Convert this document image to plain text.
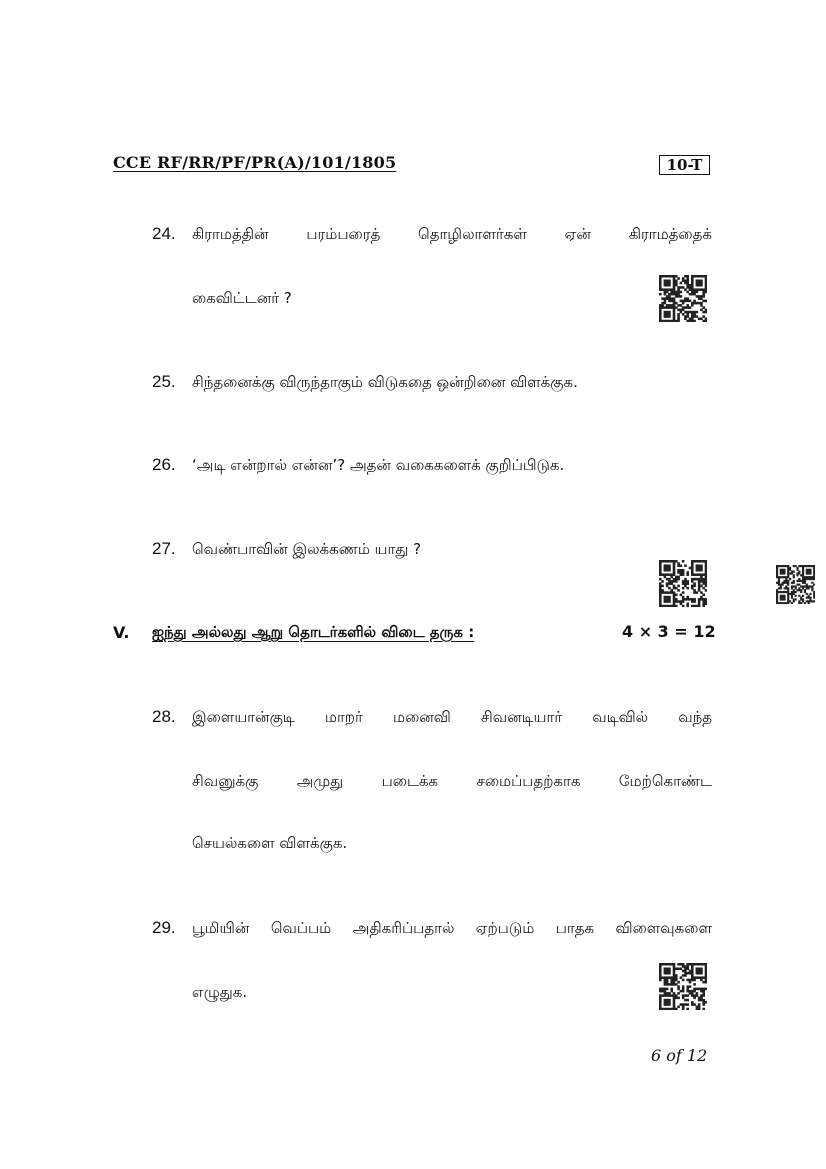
CCE RF/RR/PF/PR(A)/101/1805	10-T
24. கிராமத்தின்	பரம்பரைத்	தொழிலாளர்கள்	ஏன்	கிராமத்தைக்
கைவிட்டனர் ?
25. சிந்தனைக்கு விருந்தாகும் விடுகதை ஒன்றினை விளக்குக.
26. ‘அடி என்றால் என்ன’? அதன் வகைகளைக் குறிப்பிடுக.
27. வெண்பாவின் இலக்கணம் யாது ?
V. ஐந்து அல்லது ஆறு தொடர்களில் விடை தருக :	4 × 3 = 12
28. இளையான்குடி மாறர் மனைவி சிவனடியார் வடிவில் வந்த
சிவனுக்கு	அமுது	படைக்க	சமைப்பதற்காக	மேற்கொண்ட
செயல்களை விளக்குக.
29. பூமியின் வெப்பம் அதிகரிப்பதால் ஏற்படும் பாதக விளைவுகளை
எழுதுக.
6 of 12
